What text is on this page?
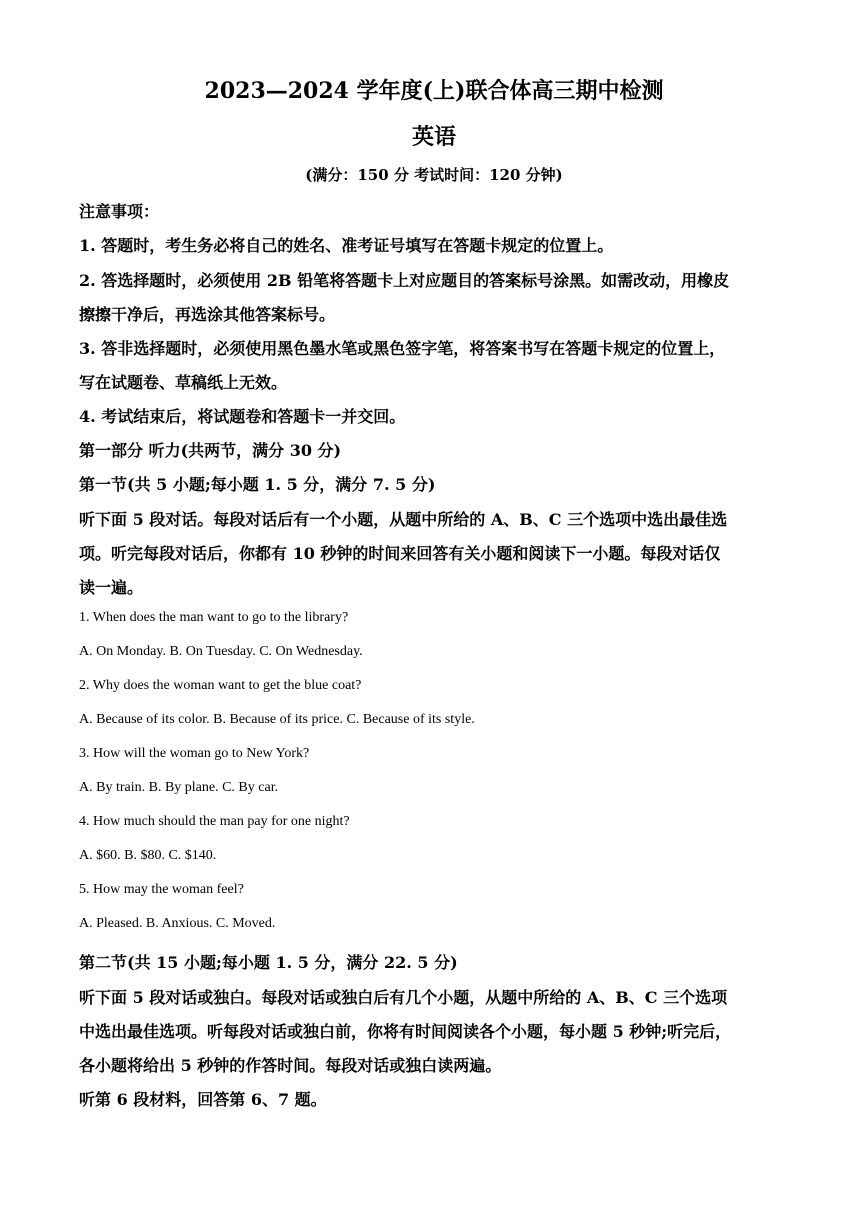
2023—2024 学年度(上)联合体高三期中检测
英语
(满分：150 分 考试时间：120 分钟)
注意事项：
1. 答题时，考生务必将自己的姓名、准考证号填写在答题卡规定的位置上。
2. 答选择题时，必须使用 2B 铅笔将答题卡上对应题目的答案标号涂黑。如需改动，用橡皮
擦擦干净后，再选涂其他答案标号。
3. 答非选择题时，必须使用黑色墨水笔或黑色签字笔，将答案书写在答题卡规定的位置上，
写在试题卷、草稿纸上无效。
4. 考试结束后，将试题卷和答题卡一并交回。
第一部分 听力(共两节，满分 30 分)
第一节(共 5 小题;每小题 1. 5 分，满分 7. 5 分)
听下面 5 段对话。每段对话后有一个小题，从题中所给的 A、B、C 三个选项中选出最佳选
项。听完每段对话后，你都有 10 秒钟的时间来回答有关小题和阅读下一小题。每段对话仅
读一遍。
1. When does the man want to go to the library?
A. On Monday. B. On Tuesday. C. On Wednesday.
2. Why does the woman want to get the blue coat?
A. Because of its color. B. Because of its price. C. Because of its style.
3. How will the woman go to New York?
A. By train. B. By plane. C. By car.
4. How much should the man pay for one night?
A. $60. B. $80. C. $140.
5. How may the woman feel?
A. Pleased. B. Anxious. C. Moved.
第二节(共 15 小题;每小题 1. 5 分，满分 22. 5 分)
听下面 5 段对话或独白。每段对话或独白后有几个小题，从题中所给的 A、B、C 三个选项
中选出最佳选项。听每段对话或独白前，你将有时间阅读各个小题，每小题 5 秒钟;听完后，
各小题将给出 5 秒钟的作答时间。每段对话或独白读两遍。
听第 6 段材料，回答第 6、7 题。
